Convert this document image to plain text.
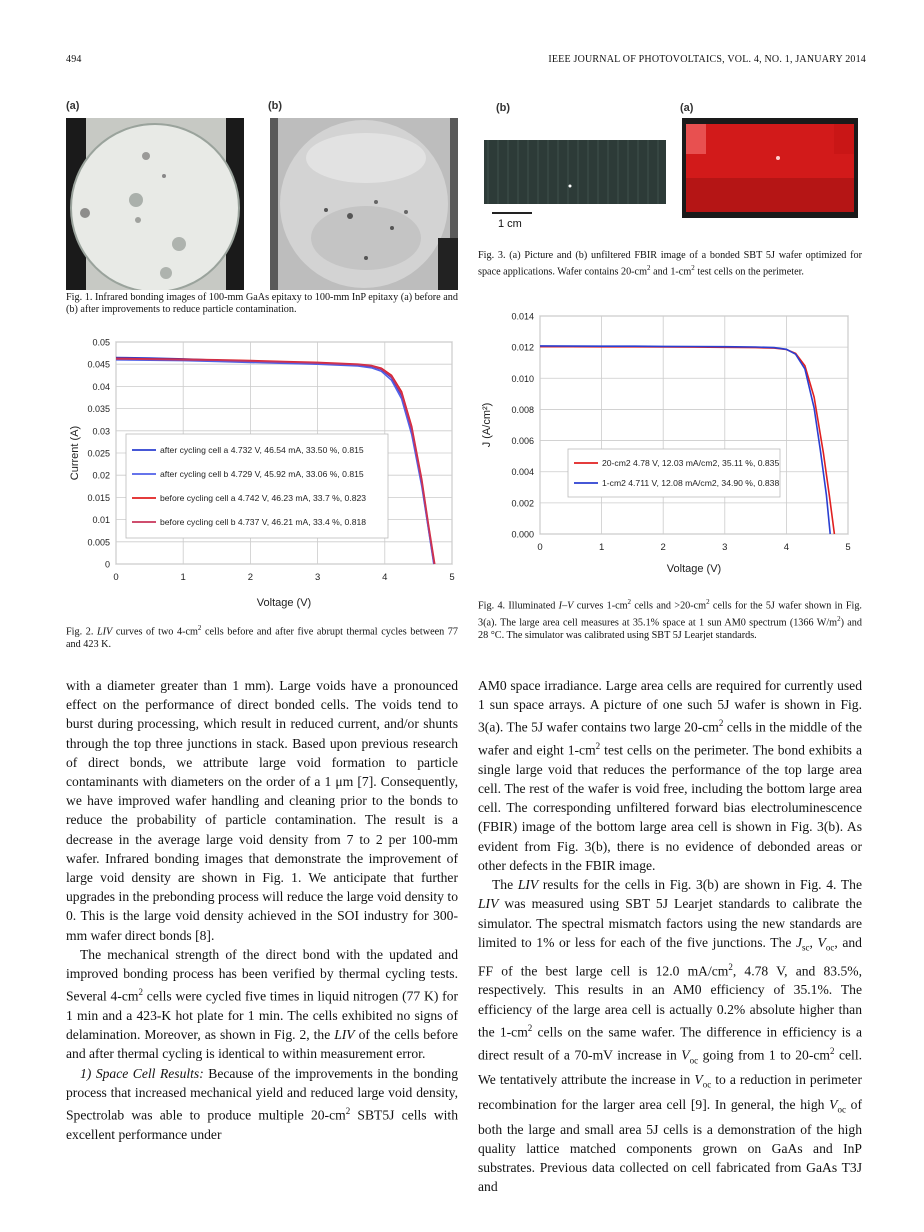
494	IEEE JOURNAL OF PHOTOVOLTAICS, VOL. 4, NO. 1, JANUARY 2014
(a)	(b)
Fig. 1. Infrared bonding images of 100-mm GaAs epitaxy to 100-mm InP epitaxy (a) before and (b) after improvements to reduce particle contamination.
(b)	(a)
1 cm
Fig. 3. (a) Picture and (b) unfiltered FBIR image of a bonded SBT 5J wafer optimized for space applications. Wafer contains $20-cm^2$ and $1-cm^2$ test cells on the perimeter.
0
0.005
0.01
0.015
0.02
0.025
0.03
0.035
0.04
0.045
0.05
0	1	2	3	4	5
Voltage (V)
Current (A)	after cycling cell a 4.732 V, 46.54 mA, 33.50 %, 0.815
after cycling cell b 4.729 V, 45.92 mA, 33.06 %, 0.815
before cycling cell a 4.742 V, 46.23 mA, 33.7 %, 0.823
before cycling cell b 4.737 V, 46.21 mA, 33.4 %, 0.818
Fig. 2. LIV curves of two $4-cm^2$ cells before and after five abrupt thermal cycles between 77 and 423 K.
0.000
0.002
0.004
0.006
0.008
0.010
0.012
0.014
0	1	2	3	4	5
Voltage (V)
J (A/cm²)
20-cm2 4.78 V, 12.03 mA/cm2, 35.11 %, 0.835
1-cm2 4.711 V, 12.08 mA/cm2, 34.90 %, 0.838
Fig. 4. Illuminated I–V curves $1-cm^2$ cells and $>20-cm^2$ cells for the 5J wafer shown in Fig. 3(a). The large area cell measures at 35.1% space at 1 sun AM0 spectrum (1366 $W/m^2$) and 28 °C. The simulator was calibrated using SBT 5J Learjet standards.

with a diameter greater than 1 mm). Large voids have a pronounced effect on the performance of direct bonded cells. The voids tend to burst during processing, which result in reduced current, and/or shunts through the top three junctions in stack. Based upon previous research of direct bonds, we attribute large void formation to particle contaminants with diameters on the order of a 1 μm [7]. Consequently, we have improved wafer handling and cleaning prior to the bonds to reduce the probability of particle contamination. The result is a decrease in the average large void density from 7 to 2 per 100-mm wafer. Infrared bonding images that demonstrate the improvement of large void density are shown in Fig. 1. We anticipate that further upgrades in the prebonding process will reduce the large void density to 0. This is the large void density achieved in the SOI industry for 300-mm wafer direct bonds [8].

The mechanical strength of the direct bond with the updated and improved bonding process has been verified by thermal cycling tests. Several $4-cm^2$ cells were cycled five times in liquid nitrogen (77 K) for 1 min and a 423-K hot plate for 1 min. The cells exhibited no signs of delamination. Moreover, as shown in Fig. 2, the LIV of the cells before and after thermal cycling is identical to within measurement error.

1) Space Cell Results: Because of the improvements in the bonding process that increased mechanical yield and reduced large void density, Spectrolab was able to produce multiple $20-cm^2$ SBT5J cells with excellent performance under

AM0 space irradiance. Large area cells are required for currently used 1 sun space arrays. A picture of one such 5J wafer is shown in Fig. 3(a). The 5J wafer contains two large $20-cm^2$ cells in the middle of the wafer and eight $1-cm^2$ test cells on the perimeter. The bond exhibits a single large void that reduces the performance of the top large area cell. The rest of the wafer is void free, including the bottom large area cell. The corresponding unfiltered forward bias electroluminescence (FBIR) image of the bottom large area cell is shown in Fig. 3(b). As evident from Fig. 3(b), there is no evidence of debonded areas or other defects in the FBIR image.

The LIV results for the cells in Fig. 3(b) are shown in Fig. 4. The LIV was measured using SBT 5J Learjet standards to calibrate the simulator. The spectral mismatch factors using the new standards are limited to 1% or less for each of the five junctions. The $J_{sc}$, $V_{oc}$, and FF of the best large cell is 12.0 $mA/cm^2$, 4.78 V, and 83.5%, respectively. This results in an AM0 efficiency of 35.1%. The efficiency of the large area cell is actually 0.2% absolute higher than the $1-cm^2$ cells on the same wafer. The difference in efficiency is a direct result of a 70-mV increase in $V_{oc}$ going from 1 to $20-cm^2$ cell. We tentatively attribute the increase in $V_{oc}$ to a reduction in perimeter recombination for the larger area cell [9]. In general, the high $V_{oc}$ of both the large and small area 5J cells is a demonstration of the high quality lattice matched components grown on GaAs and InP substrates. Previous data collected on cell fabricated from GaAs T3J and
